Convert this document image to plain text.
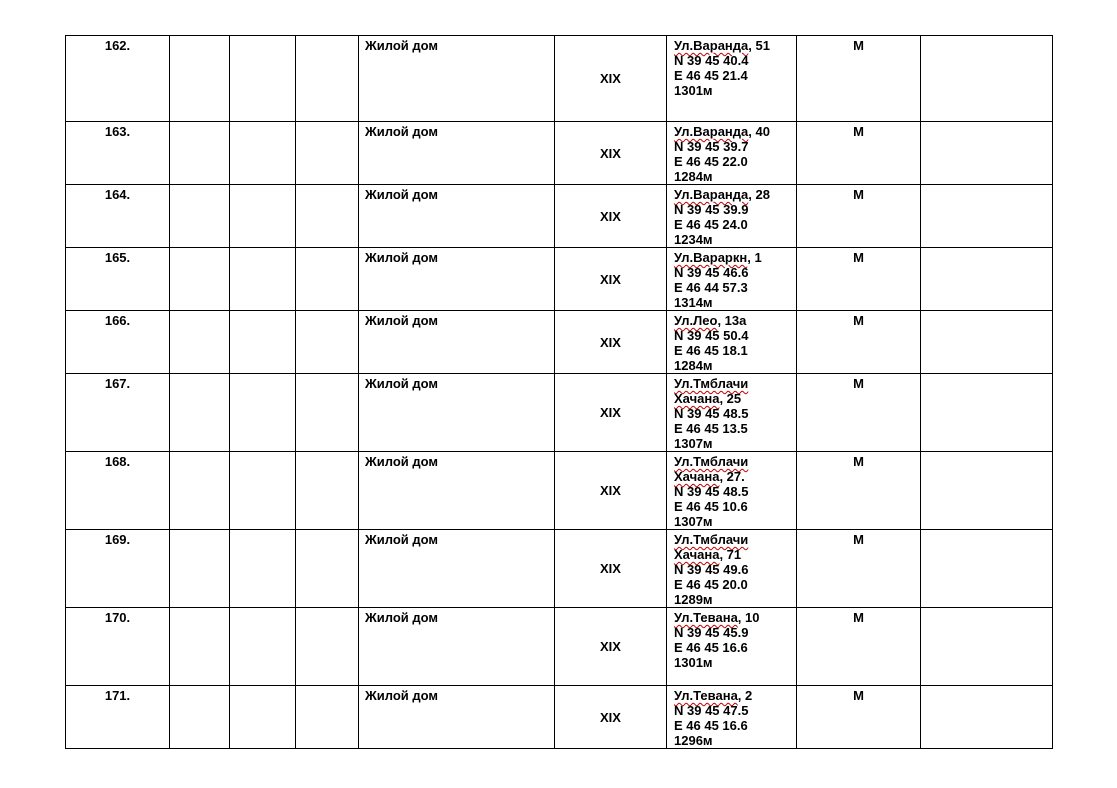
162.				Жилой дом	XIX	Ул.Варанда, 51
N 39 45 40.4
E 46 45 21.4
1301м	М	
163.				Жилой дом	XIX	Ул.Варанда, 40
N 39 45 39.7
E 46 45 22.0
1284м	М	
164.				Жилой дом	XIX	Ул.Варанда, 28
N 39 45 39.9
E 46 45 24.0
1234м	М	
165.				Жилой дом	XIX	Ул.Вараркн, 1
N 39 45 46.6
E 46 44 57.3
1314м	М	
166.				Жилой дом	XIX	Ул.Лео, 13а
N 39 45 50.4
E 46 45 18.1
1284м	М	
167.				Жилой дом	XIX	Ул.Тмблачи
Хачана, 25
N 39 45 48.5
E 46 45 13.5
1307м	М	
168.				Жилой дом	XIX	Ул.Тмблачи
Хачана, 27.
N 39 45 48.5
E 46 45 10.6
1307м	М	
169.				Жилой дом	XIX	Ул.Тмблачи
Хачана, 71
N 39 45 49.6
E 46 45 20.0
1289м	М	
170.				Жилой дом	XIX	Ул.Тевана, 10
N 39 45 45.9
E 46 45 16.6
1301м	М	
171.				Жилой дом	XIX	Ул.Тевана, 2
N 39 45 47.5
E 46 45 16.6
1296м	М	
